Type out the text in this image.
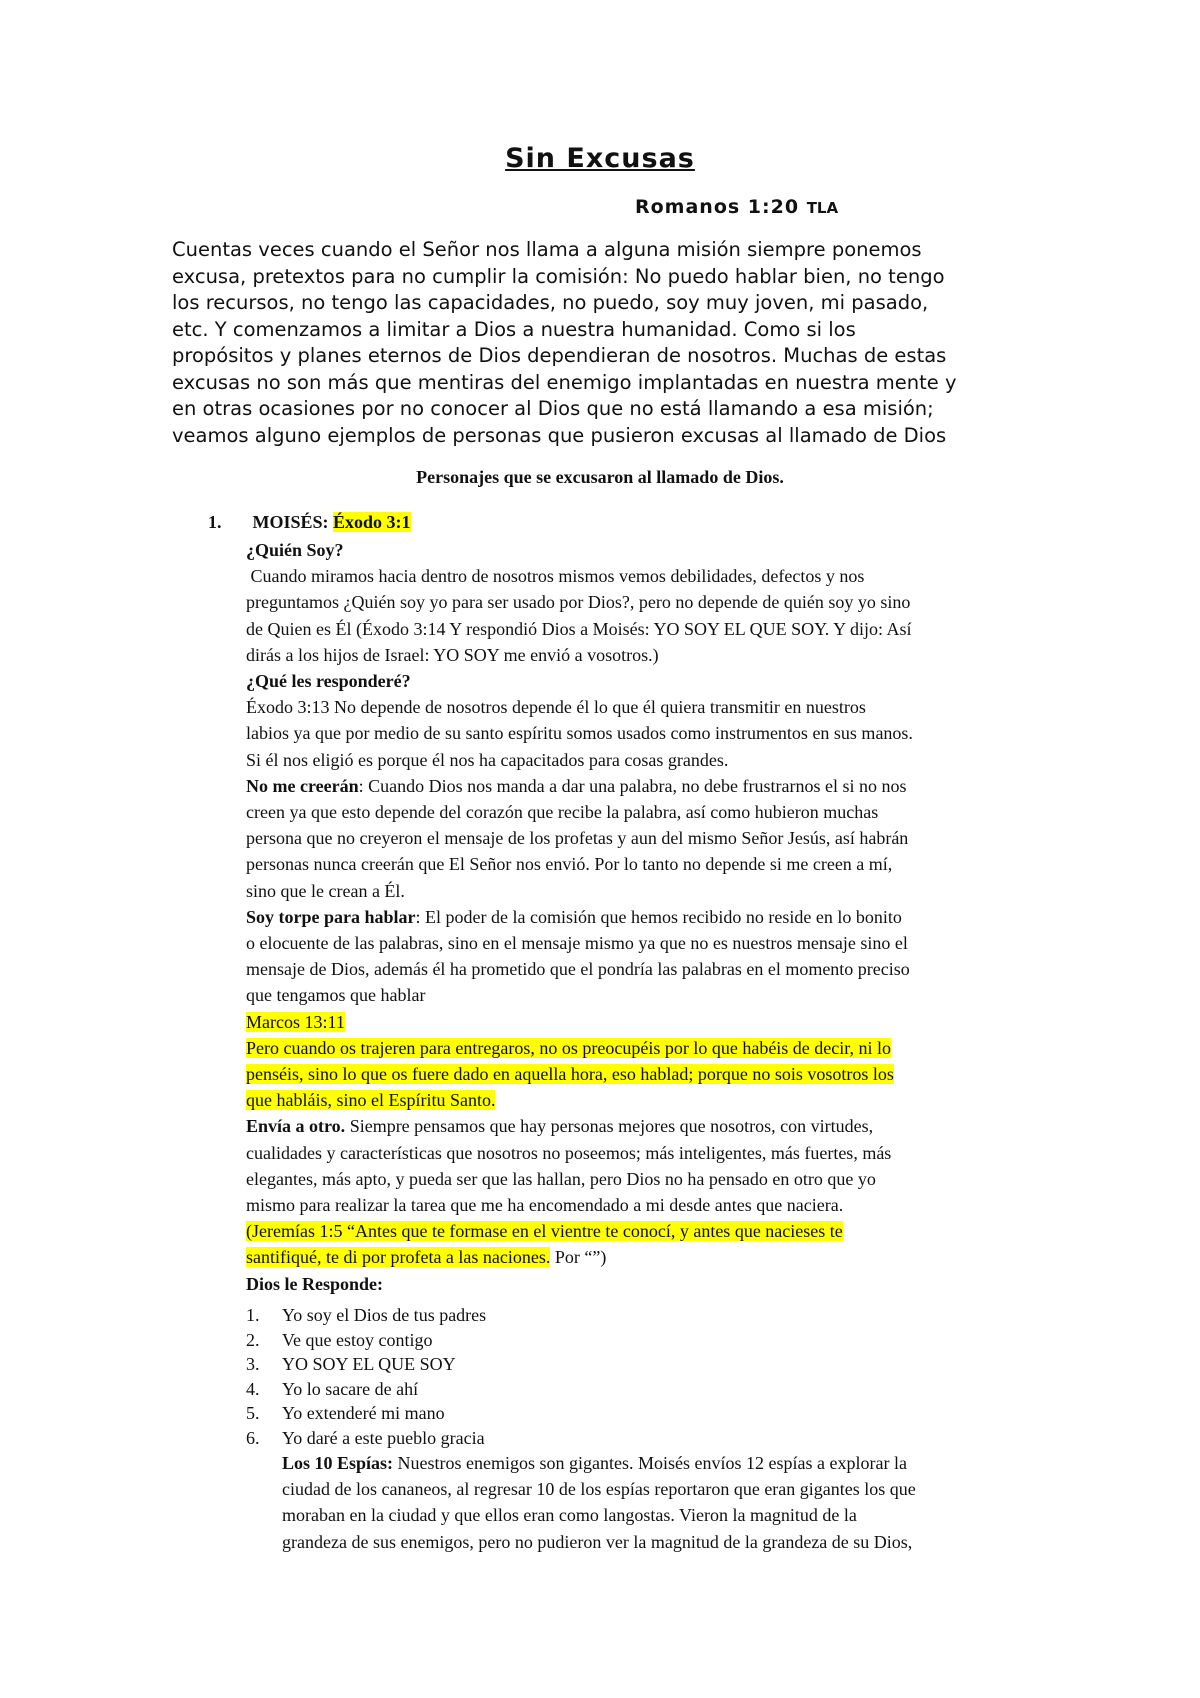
Sin Excusas
Romanos 1:20 TLA

Cuentas veces cuando el Señor nos llama a alguna misión siempre ponemos
excusa, pretextos para no cumplir la comisión: No puedo hablar bien, no tengo
los recursos, no tengo las capacidades, no puedo, soy muy joven, mi pasado,
etc. Y comenzamos a limitar a Dios a nuestra humanidad. Como si los
propósitos y planes eternos de Dios dependieran de nosotros. Muchas de estas
excusas no son más que mentiras del enemigo implantadas en nuestra mente y
en otras ocasiones por no conocer al Dios que no está llamando a esa misión;
veamos alguno ejemplos de personas que pusieron excusas al llamado de Dios

Personajes que se excusaron al llamado de Dios.
1. MOISÉS: Éxodo 3:1
¿Quién Soy?
Cuando miramos hacia dentro de nosotros mismos vemos debilidades, defectos y nos
preguntamos ¿Quién soy yo para ser usado por Dios?, pero no depende de quién soy yo sino
de Quien es Él (Éxodo 3:14 Y respondió Dios a Moisés: YO SOY EL QUE SOY. Y dijo: Así
dirás a los hijos de Israel: YO SOY me envió a vosotros.)
¿Qué les responderé?
Éxodo 3:13 No depende de nosotros depende él lo que él quiera transmitir en nuestros
labios ya que por medio de su santo espíritu somos usados como instrumentos en sus manos.
Si él nos eligió es porque él nos ha capacitados para cosas grandes.
No me creerán: Cuando Dios nos manda a dar una palabra, no debe frustrarnos el si no nos
creen ya que esto depende del corazón que recibe la palabra, así como hubieron muchas
persona que no creyeron el mensaje de los profetas y aun del mismo Señor Jesús, así habrán
personas nunca creerán que El Señor nos envió. Por lo tanto no depende si me creen a mí,
sino que le crean a Él.
Soy torpe para hablar: El poder de la comisión que hemos recibido no reside en lo bonito
o elocuente de las palabras, sino en el mensaje mismo ya que no es nuestros mensaje sino el
mensaje de Dios, además él ha prometido que el pondría las palabras en el momento preciso
que tengamos que hablar
Marcos 13:11
Pero cuando os trajeren para entregaros, no os preocupéis por lo que habéis de decir, ni lo
penséis, sino lo que os fuere dado en aquella hora, eso hablad; porque no sois vosotros los
que habláis, sino el Espíritu Santo.
Envía a otro. Siempre pensamos que hay personas mejores que nosotros, con virtudes,
cualidades y características que nosotros no poseemos; más inteligentes, más fuertes, más
elegantes, más apto, y pueda ser que las hallan, pero Dios no ha pensado en otro que yo
mismo para realizar la tarea que me ha encomendado a mi desde antes que naciera.
(Jeremías 1:5 “Antes que te formase en el vientre te conocí, y antes que nacieses te
santifiqué, te di por profeta a las naciones. Por “”)
Dios le Responde:
1. Yo soy el Dios de tus padres
2. Ve que estoy contigo
3. YO SOY EL QUE SOY
4. Yo lo sacare de ahí
5. Yo extenderé mi mano
6. Yo daré a este pueblo gracia
Los 10 Espías: Nuestros enemigos son gigantes. Moisés envíos 12 espías a explorar la
ciudad de los cananeos, al regresar 10 de los espías reportaron que eran gigantes los que
moraban en la ciudad y que ellos eran como langostas. Vieron la magnitud de la
grandeza de sus enemigos, pero no pudieron ver la magnitud de la grandeza de su Dios,
